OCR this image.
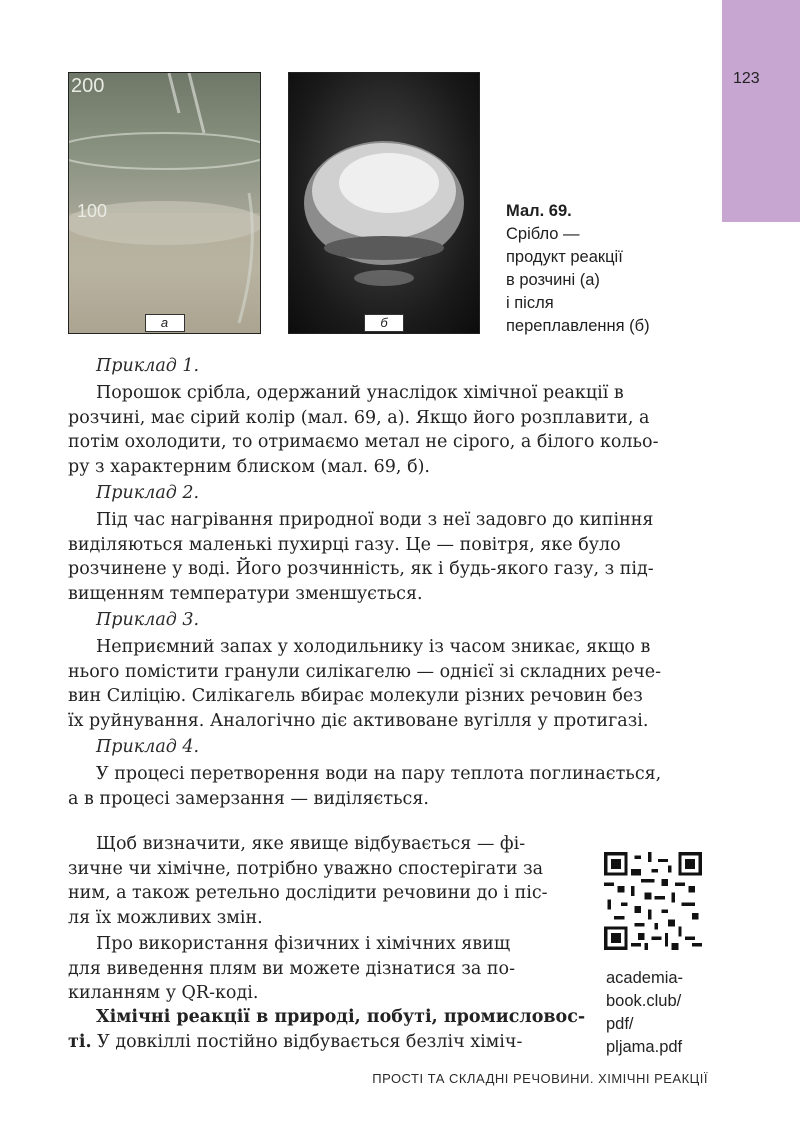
123
200
100
а	б
Мал. 69.
Срібло —
продукт реакції
в розчині (а)
і після
переплавлення (б)
Приклад 1.
Порошок срібла, одержаний унаслідок хімічної реакції в
розчині, має сірий колір (мал. 69, а). Якщо його розплавити, а
потім охолодити, то отримаємо метал не сірого, а білого кольо-
ру з характерним блиском (мал. 69, б).
Приклад 2.
Під час нагрівання природної води з неї задовго до кипіння
виділяються маленькі пухирці газу. Це — повітря, яке було
розчинене у воді. Його розчинність, як і будь-якого газу, з під-
вищенням температури зменшується.
Приклад 3.
Неприємний запах у холодильнику із часом зникає, якщо в
нього помістити гранули силікагелю — однієї зі складних рече-
вин Силіцію. Силікагель вбирає молекули різних речовин без
їх руйнування. Аналогічно діє активоване вугілля у протигазі.
Приклад 4.
У процесі перетворення води на пару теплота поглинається,
а в процесі замерзання — виділяється.
Щоб визначити, яке явище відбувається — фі-
зичне чи хімічне, потрібно уважно спостерігати за
ним, а також ретельно дослідити речовини до і піс-
ля їх можливих змін.
Про використання фізичних і хімічних явищ
для виведення плям ви можете дізнатися за по-
киланням у QR-коді.
Хімічні реакції в природі, побуті, промисловос-
ті. У довкіллі постійно відбувається безліч хіміч-
academia-
book.club/
pdf/
pljama.pdf
ПРОСТІ ТА СКЛАДНІ РЕЧОВИНИ. ХІМІЧНІ РЕАКЦІЇ
